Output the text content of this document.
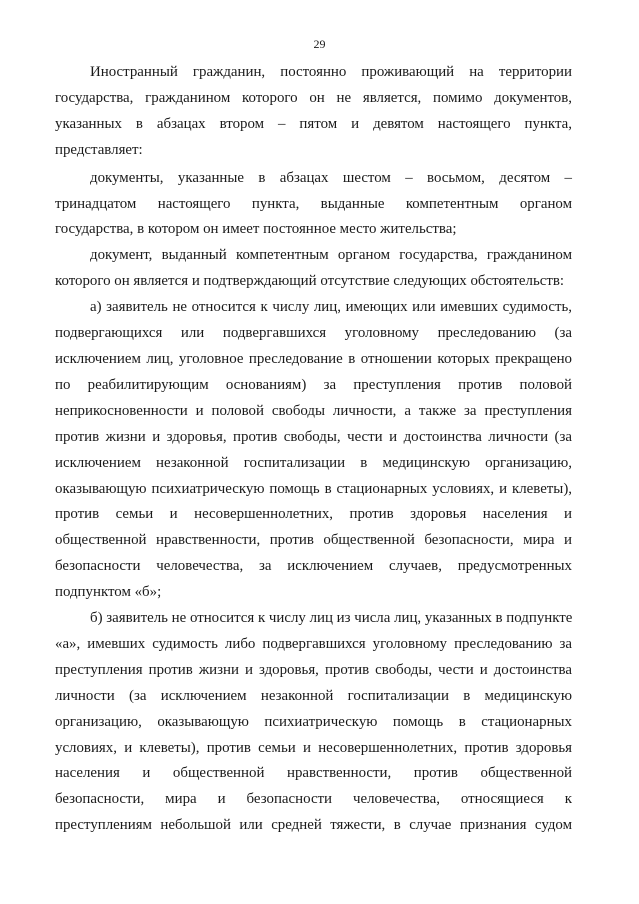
29

Иностранный гражданин, постоянно проживающий на территории

государства, гражданином которого он не является, помимо документов,

указанных в абзацах втором – пятом и девятом настоящего пункта,

представляет:

документы, указанные в абзацах шестом – восьмом, десятом –

тринадцатом настоящего пункта, выданные компетентным органом

государства, в котором он имеет постоянное место жительства;

документ, выданный компетентным органом государства, гражданином

которого он является и подтверждающий отсутствие следующих обстоятельств:

а) заявитель не относится к числу лиц, имеющих или имевших судимость,

подвергающихся или подвергавшихся уголовному преследованию (за

исключением лиц, уголовное преследование в отношении которых прекращено

по реабилитирующим основаниям) за преступления против половой

неприкосновенности и половой свободы личности, а также за преступления

против жизни и здоровья, против свободы, чести и достоинства личности (за

исключением незаконной госпитализации в медицинскую организацию,

оказывающую психиатрическую помощь в стационарных условиях, и клеветы),

против семьи и несовершеннолетних, против здоровья населения и

общественной нравственности, против общественной безопасности, мира и

безопасности человечества, за исключением случаев, предусмотренных

подпунктом «б»;

б) заявитель не относится к числу лиц из числа лиц, указанных в подпункте

«а», имевших судимость либо подвергавшихся уголовному преследованию за

преступления против жизни и здоровья, против свободы, чести и достоинства

личности (за исключением незаконной госпитализации в медицинскую

организацию, оказывающую психиатрическую помощь в стационарных

условиях, и клеветы), против семьи и несовершеннолетних, против здоровья

населения и общественной нравственности, против общественной

безопасности, мира и безопасности человечества, относящиеся к

преступлениям небольшой или средней тяжести, в случае признания судом
